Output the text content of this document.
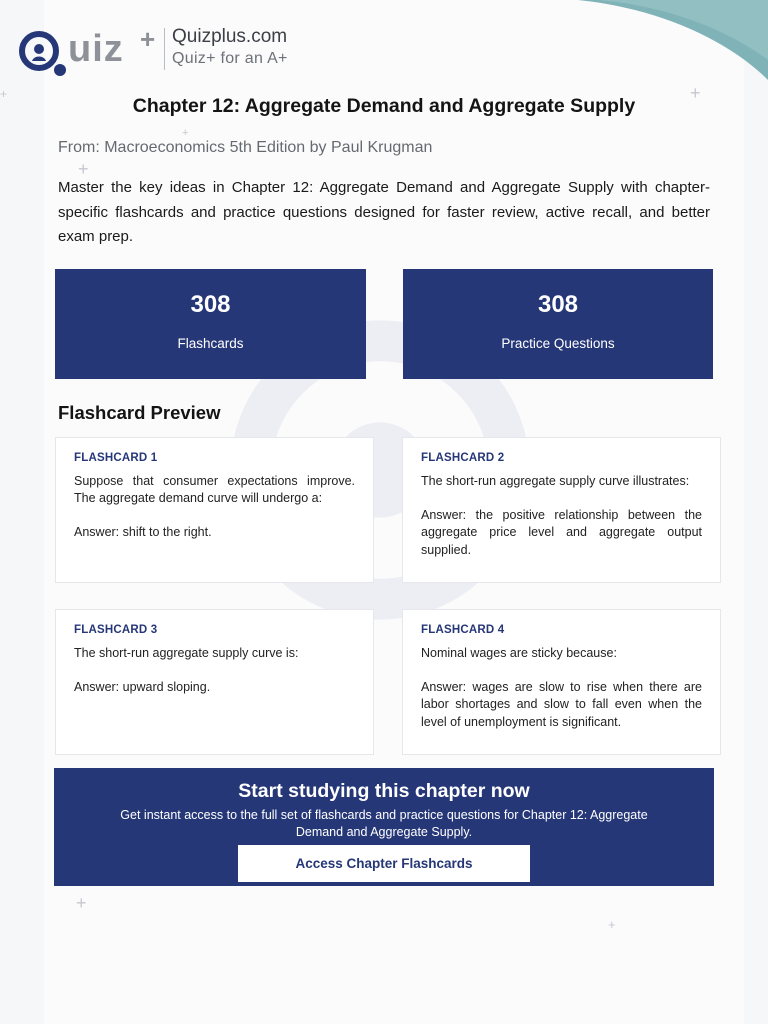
+
+
+
+
+
+
uiz + Quizplus.com
Quiz+ for an A+
Chapter 12: Aggregate Demand and Aggregate Supply
From: Macroeconomics 5th Edition by Paul Krugman

Master the key ideas in Chapter 12: Aggregate Demand and Aggregate Supply with chapter-specific flashcards and practice questions designed for faster review, active recall, and better exam prep.

308
Flashcards
308
Practice Questions
Flashcard Preview
FLASHCARD 1
Suppose that consumer expectations improve. The aggregate demand curve will undergo a:
Answer: shift to the right.
FLASHCARD 2
The short-run aggregate supply curve illustrates:
Answer: the positive relationship between the aggregate price level and aggregate output supplied.
FLASHCARD 3
The short-run aggregate supply curve is:
Answer: upward sloping.
FLASHCARD 4
Nominal wages are sticky because:
Answer: wages are slow to rise when there are labor shortages and slow to fall even when the level of unemployment is significant.
Start studying this chapter now
Get instant access to the full set of flashcards and practice questions for Chapter 12: Aggregate Demand and Aggregate Supply.
Access Chapter Flashcards
